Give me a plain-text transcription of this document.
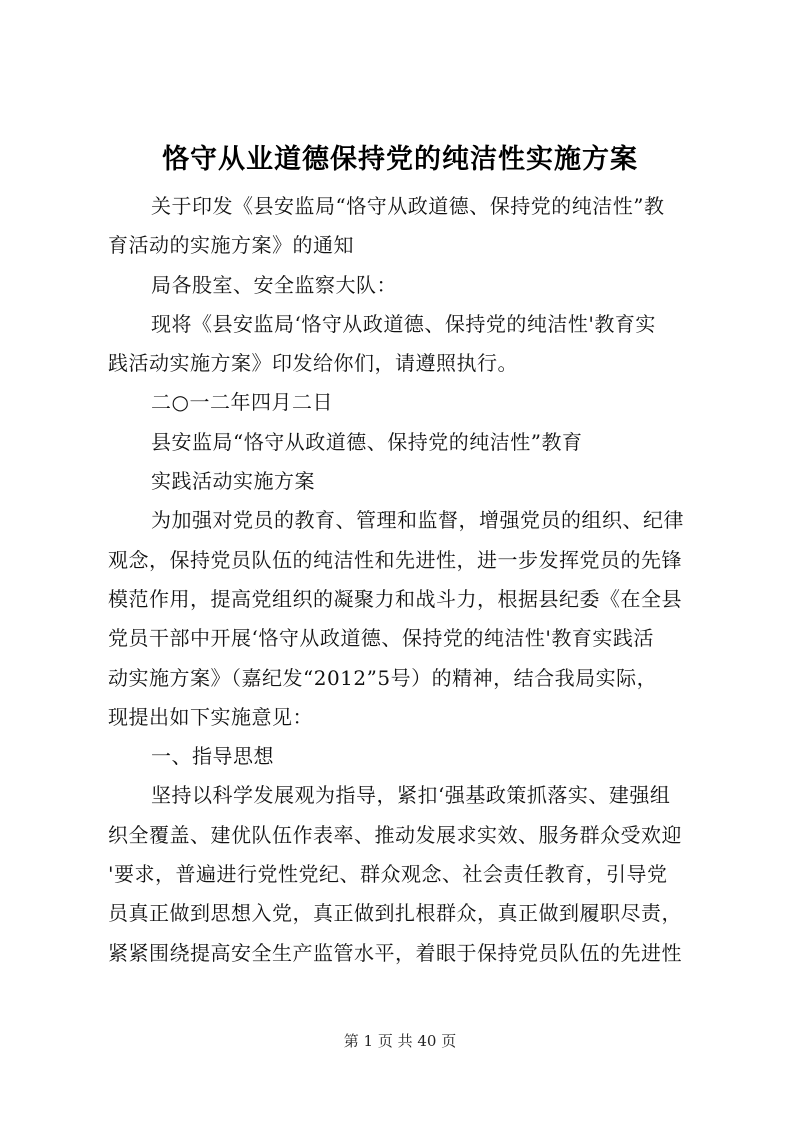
恪守从业道德保持党的纯洁性实施方案
关于印发《县安监局“恪守从政道德、保持党的纯洁性”教
育活动的实施方案》的通知
局各股室、安全监察大队：
现将《县安监局‘恪守从政道德、保持党的纯洁性'教育实
践活动实施方案》印发给你们，请遵照执行。
二○一二年四月二日
县安监局“恪守从政道德、保持党的纯洁性”教育
实践活动实施方案
为加强对党员的教育、管理和监督，增强党员的组织、纪律
观念，保持党员队伍的纯洁性和先进性，进一步发挥党员的先锋
模范作用，提高党组织的凝聚力和战斗力，根据县纪委《在全县
党员干部中开展‘恪守从政道德、保持党的纯洁性'教育实践活
动实施方案》（嘉纪发“2012”5号）的精神，结合我局实际，
现提出如下实施意见：
一、指导思想
坚持以科学发展观为指导，紧扣‘强基政策抓落实、建强组
织全覆盖、建优队伍作表率、推动发展求实效、服务群众受欢迎
'要求，普遍进行党性党纪、群众观念、社会责任教育，引导党
员真正做到思想入党，真正做到扎根群众，真正做到履职尽责，
紧紧围绕提高安全生产监管水平，着眼于保持党员队伍的先进性
第 1 页 共 40 页
